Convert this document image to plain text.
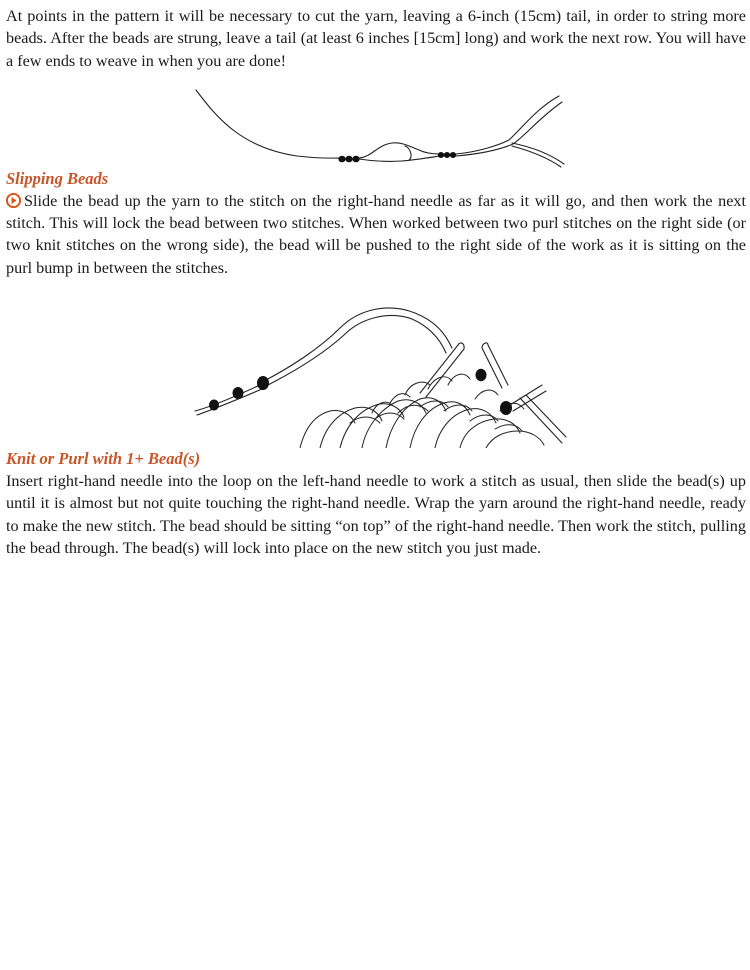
At points in the pattern it will be necessary to cut the yarn, leaving a 6-inch (15cm) tail, in order to string more beads. After the beads are strung, leave a tail (at least 6 inches [15cm] long) and work the next row. You will have a few ends to weave in when you are done!

Slipping Beads

Slide the bead up the yarn to the stitch on the right-hand needle as far as it will go, and then work the next stitch. This will lock the bead between two stitches. When worked between two purl stitches on the right side (or two knit stitches on the wrong side), the bead will be pushed to the right side of the work as it is sitting on the purl bump in between the stitches.

Knit or Purl with 1+ Bead(s)

Insert right-hand needle into the loop on the left-hand needle to work a stitch as usual, then slide the bead(s) up until it is almost but not quite touching the right-hand needle. Wrap the yarn around the right-hand needle, ready to make the new stitch. The bead should be sitting “on top” of the right-hand needle. Then work the stitch, pulling the bead through. The bead(s) will lock into place on the new stitch you just made.
